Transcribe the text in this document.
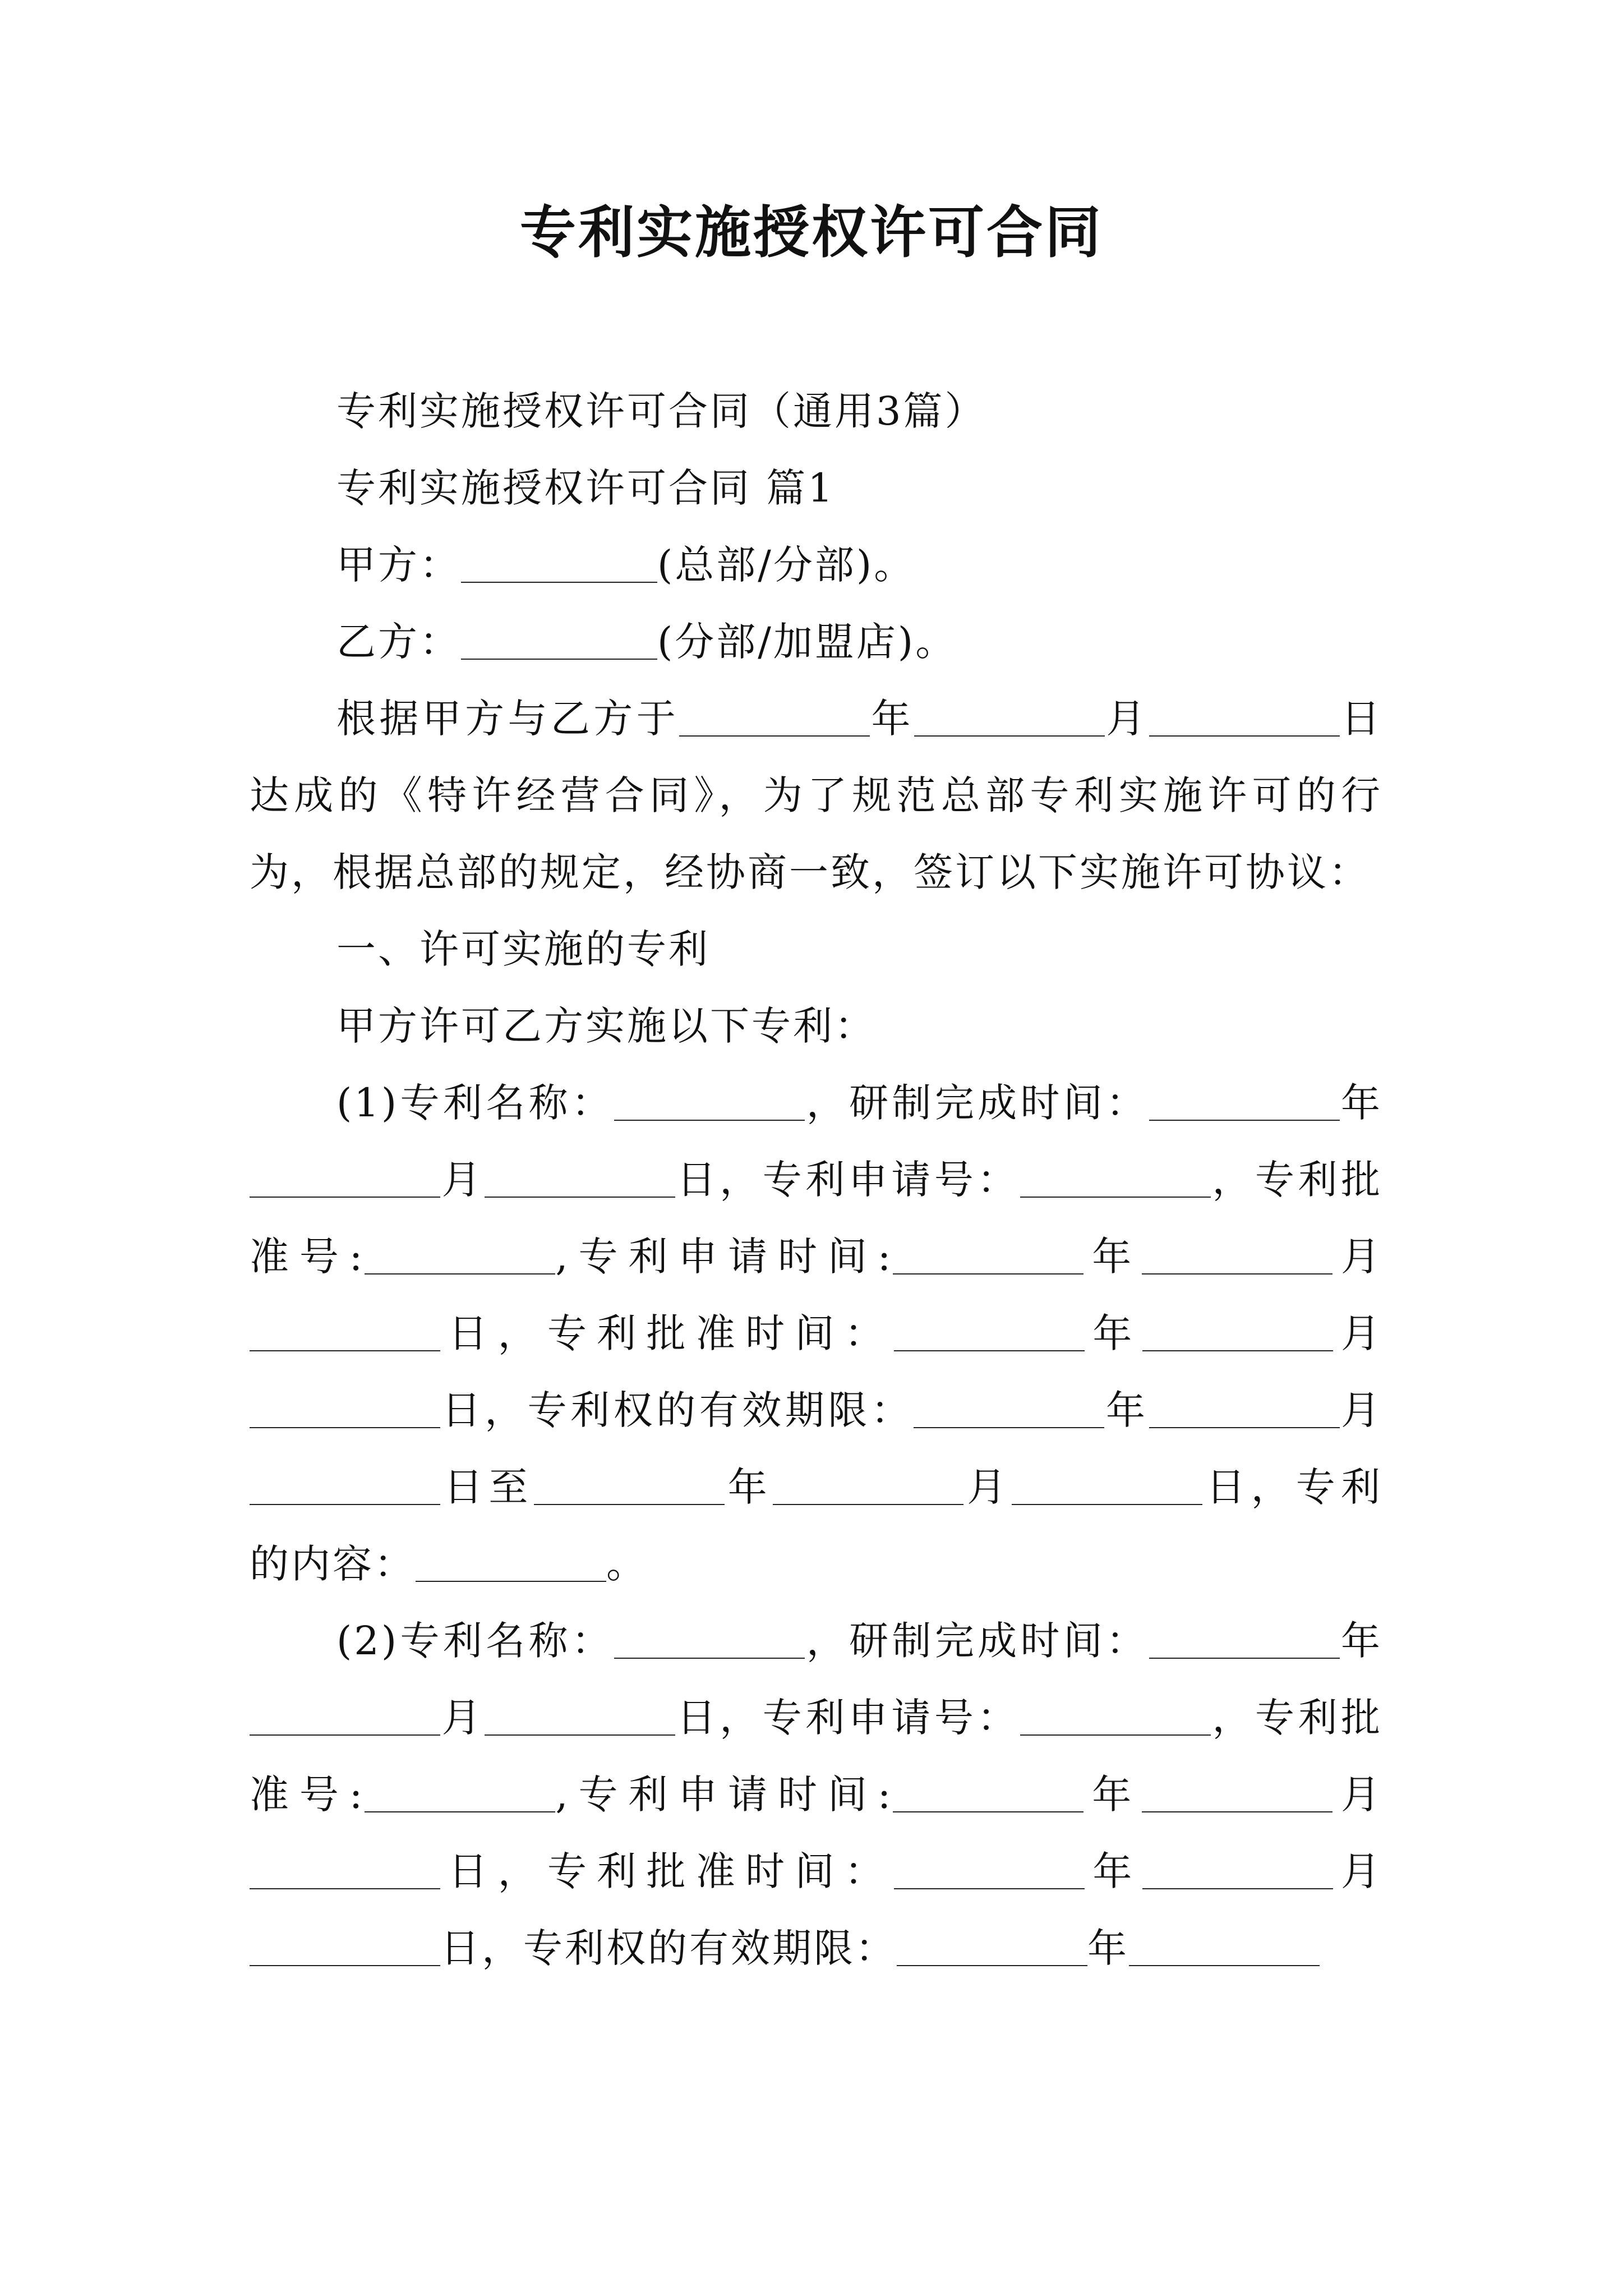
专利实施授权许可合同

专利实施授权许可合同（通用3篇）

专利实施授权许可合同 篇1

甲方：	(总部/分部)。

乙方：	(分部/加盟店)。

根据甲方与乙方于	年	月	日达成的《特许经营合同》，为了规范总部专利实施许可的行为，根据总部的规定，经协商一致，签订以下实施许可协议：

一、许可实施的专利

甲方许可乙方实施以下专利：

(1)专利名称：	，研制完成时间：	年月	日，专利申请号：	，专利批准号:	,专利申请时间:	年	月日，专利批准时间：	年	月日，专利权的有效期限：	年	月日至	年	月	日，专利的内容：	。

(2)专利名称：	，研制完成时间：	年月	日，专利申请号：	，专利批准号:	,专利申请时间:	年	月日，专利批准时间：	年	月日，专利权的有效期限：	年
